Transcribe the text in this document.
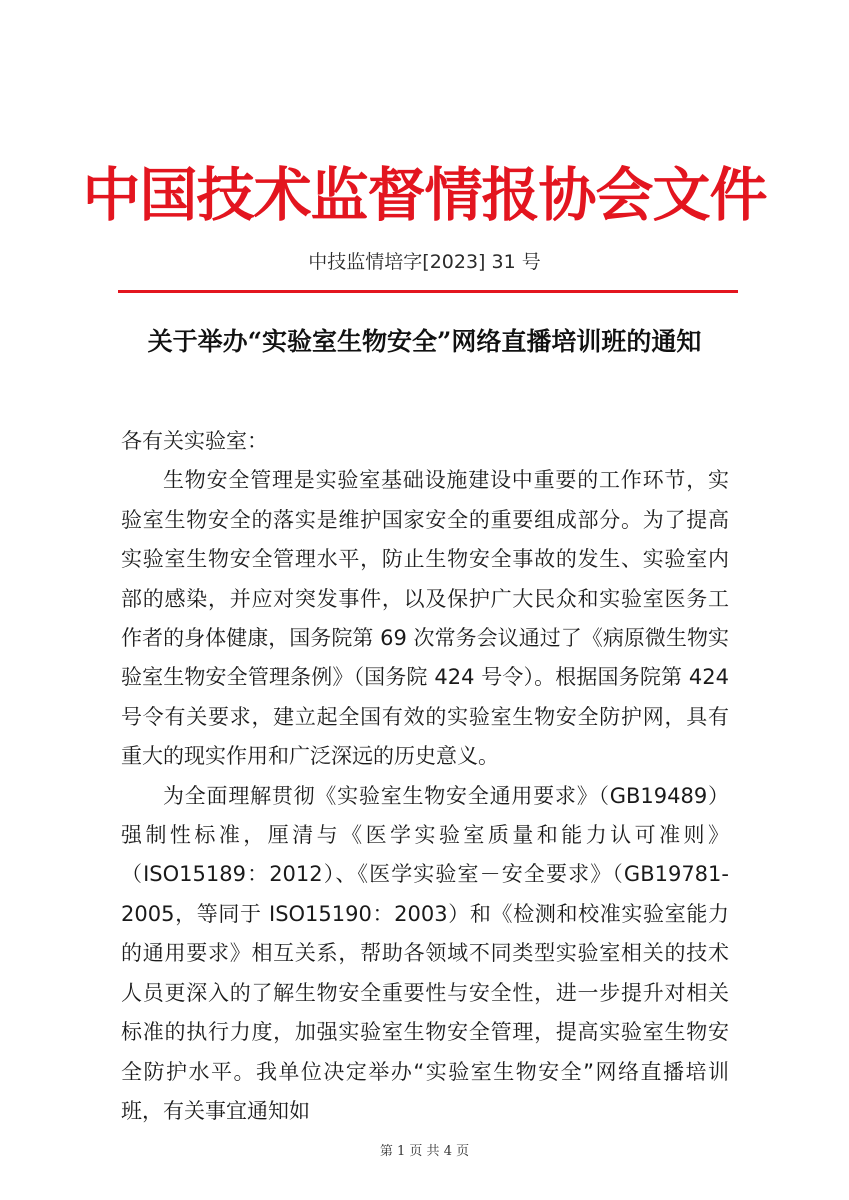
中国技术监督情报协会文件
中技监情培字[2023] 31 号
关于举办“实验室生物安全”网络直播培训班的通知

各有关实验室：

生物安全管理是实验室基础设施建设中重要的工作环节，实验室生物安全的落实是维护国家安全的重要组成部分。为了提高实验室生物安全管理水平，防止生物安全事故的发生、实验室内部的感染，并应对突发事件，以及保护广大民众和实验室医务工作者的身体健康，国务院第 69 次常务会议通过了《病原微生物实验室生物安全管理条例》（国务院 424 号令）。根据国务院第 424 号令有关要求，建立起全国有效的实验室生物安全防护网，具有重大的现实作用和广泛深远的历史意义。

为全面理解贯彻《实验室生物安全通用要求》（GB19489）强制性标准，厘清与《医学实验室质量和能力认可准则》（ISO15189：2012）、《医学实验室－安全要求》（GB19781-2005，等同于 ISO15190：2003）和《检测和校准实验室能力的通用要求》相互关系，帮助各领域不同类型实验室相关的技术人员更深入的了解生物安全重要性与安全性，进一步提升对相关标准的执行力度，加强实验室生物安全管理，提高实验室生物安全防护水平。我单位决定举办“实验室生物安全”网络直播培训班，有关事宜通知如

第 1 页 共 4 页
